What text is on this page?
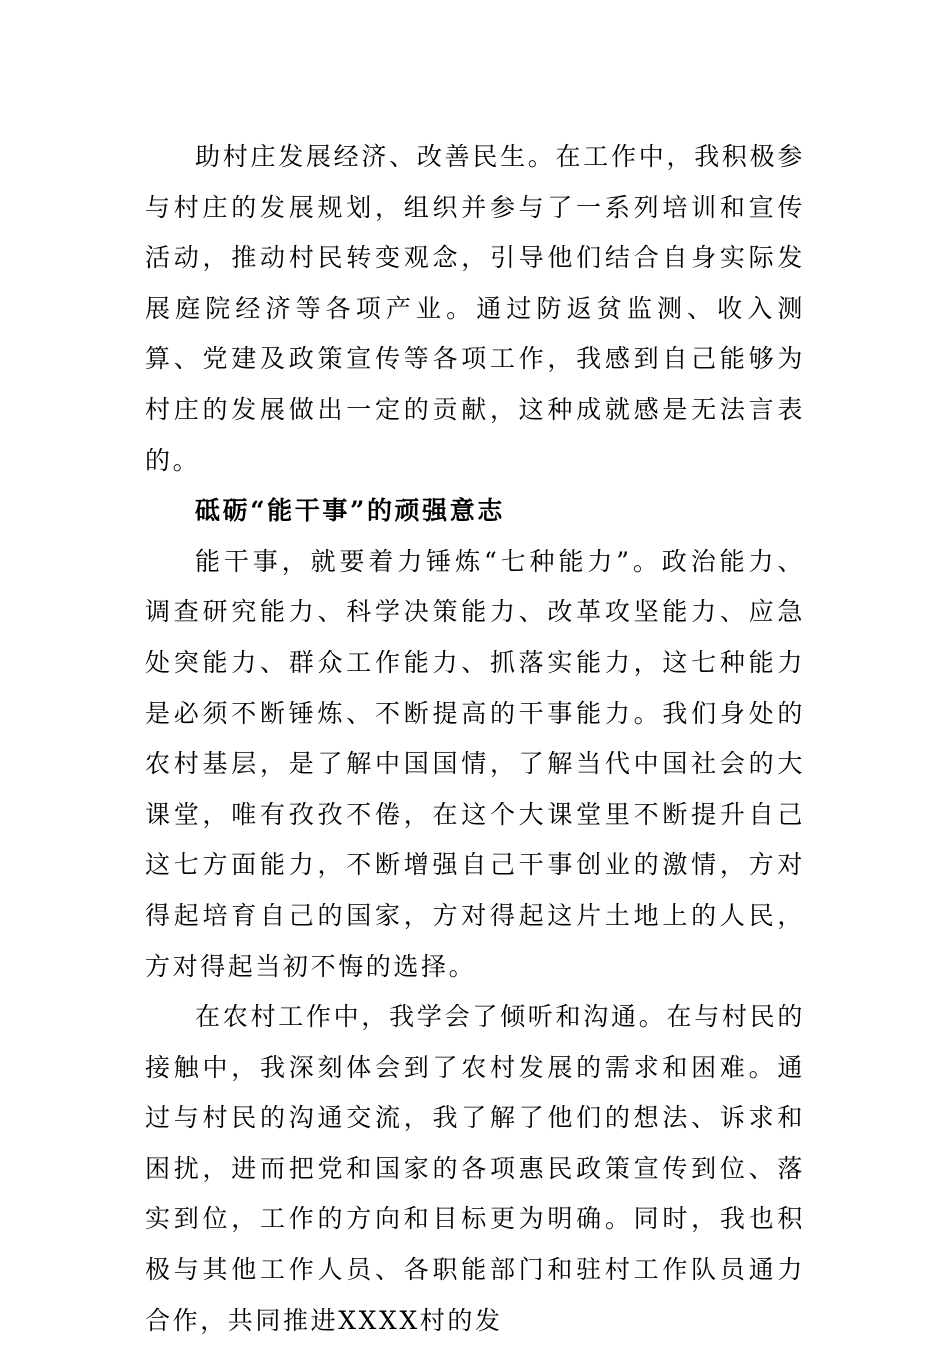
助村庄发展经济、改善民生。在工作中，我积极参与村庄的发展规划，组织并参与了一系列培训和宣传活动，推动村民转变观念，引导他们结合自身实际发展庭院经济等各项产业。通过防返贫监测、收入测算、党建及政策宣传等各项工作，我感到自己能够为村庄的发展做出一定的贡献，这种成就感是无法言表的。

砥砺“能干事”的顽强意志

能干事，就要着力锤炼“七种能力”。政治能力、调查研究能力、科学决策能力、改革攻坚能力、应急处突能力、群众工作能力、抓落实能力，这七种能力是必须不断锤炼、不断提高的干事能力。我们身处的农村基层，是了解中国国情，了解当代中国社会的大课堂，唯有孜孜不倦，在这个大课堂里不断提升自己这七方面能力，不断增强自己干事创业的激情，方对得起培育自己的国家，方对得起这片土地上的人民，方对得起当初不悔的选择。

在农村工作中，我学会了倾听和沟通。在与村民的接触中，我深刻体会到了农村发展的需求和困难。通过与村民的沟通交流，我了解了他们的想法、诉求和困扰，进而把党和国家的各项惠民政策宣传到位、落实到位，工作的方向和目标更为明确。同时，我也积极与其他工作人员、各职能部门和驻村工作队员通力合作，共同推进XXXX村的发
